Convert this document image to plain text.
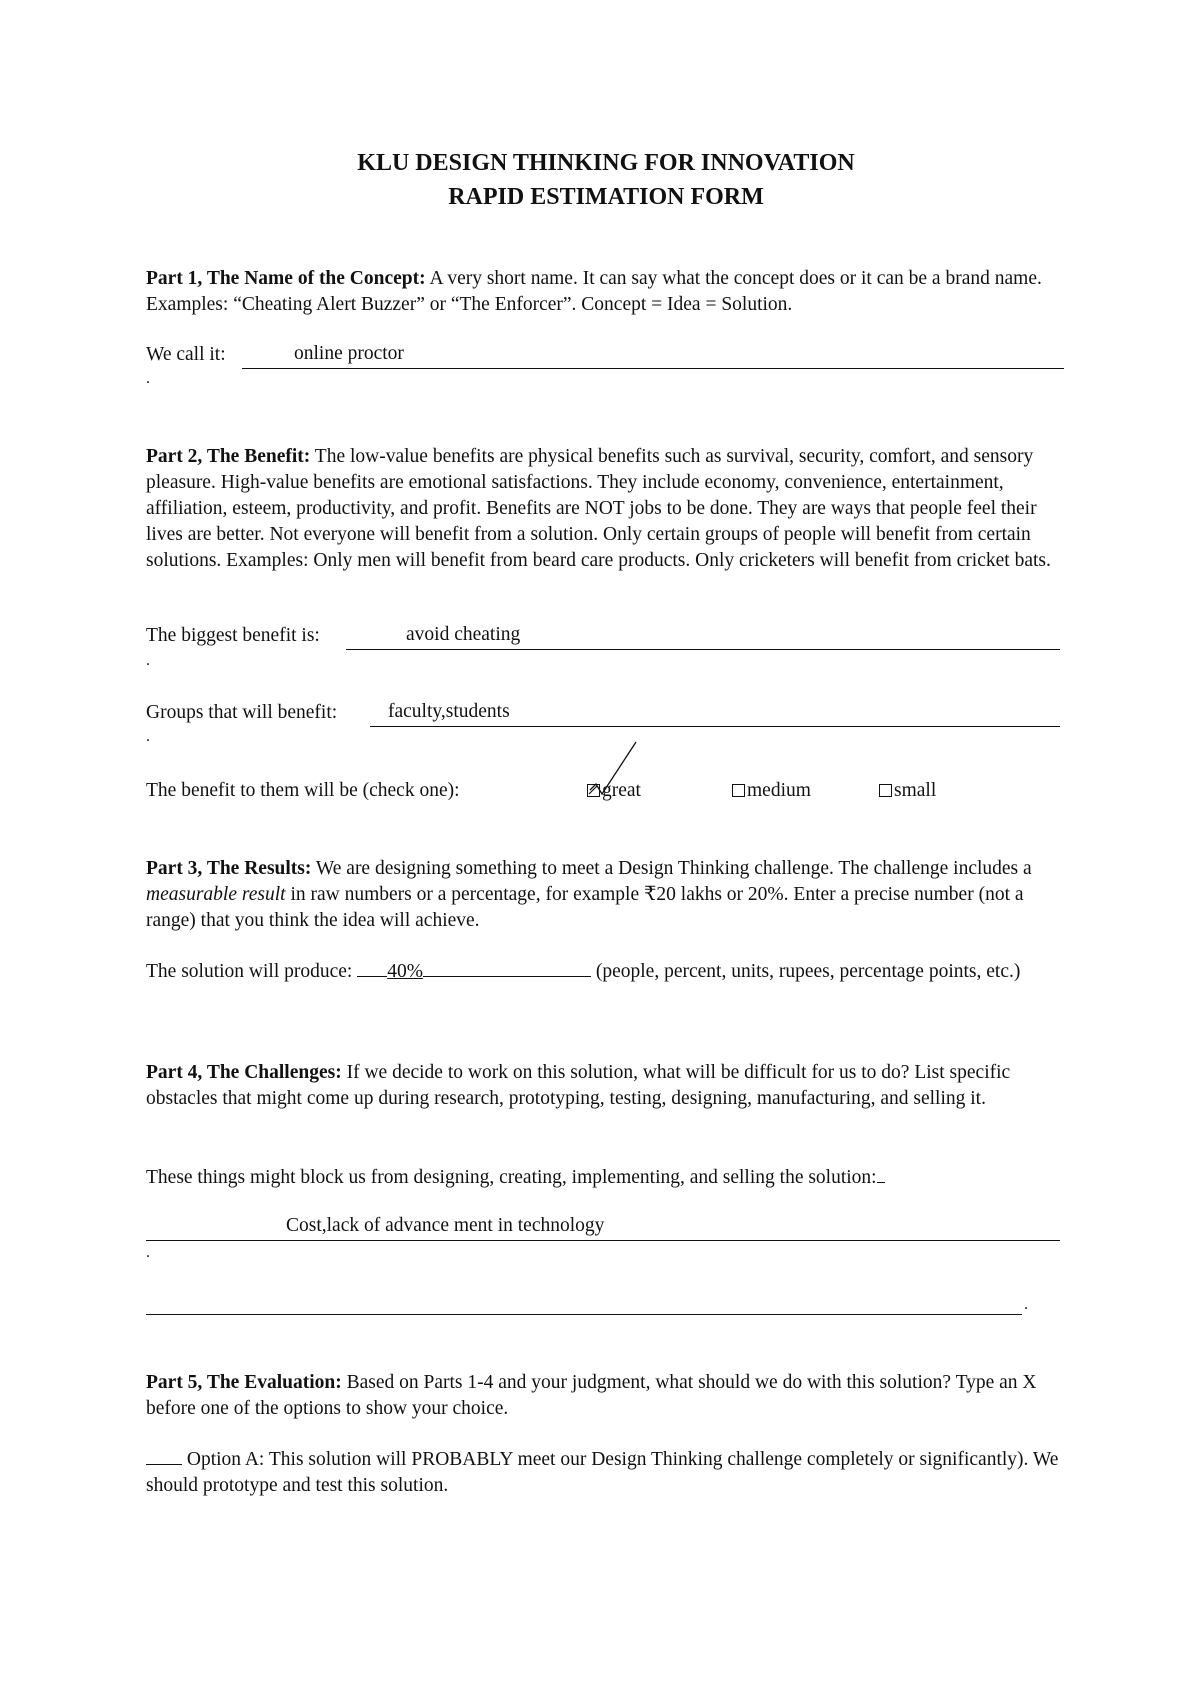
KLU DESIGN THINKING FOR INNOVATION
RAPID ESTIMATION FORM
Part 1, The Name of the Concept: A very short name. It can say what the concept does or it can be a brand name. Examples: “Cheating Alert Buzzer” or “The Enforcer”. Concept = Idea = Solution.
We call it:	online proctor
.
Part 2, The Benefit: The low-value benefits are physical benefits such as survival, security, comfort, and sensory pleasure. High-value benefits are emotional satisfactions. They include economy, convenience, entertainment, affiliation, esteem, productivity, and profit. Benefits are NOT jobs to be done. They are ways that people feel their lives are better. Not everyone will benefit from a solution. Only certain groups of people will benefit from certain solutions. Examples: Only men will benefit from beard care products. Only cricketers will benefit from cricket bats.
The biggest benefit is:	avoid cheating
.
Groups that will benefit:	faculty,students
.
The benefit to them will be (check one):	great	medium	small
Part 3, The Results: We are designing something to meet a Design Thinking challenge. The challenge includes a measurable result in raw numbers or a percentage, for example ₹20 lakhs or 20%. Enter a precise number (not a range) that you think the idea will achieve.
The solution will produce: 40%	(people, percent, units, rupees, percentage points, etc.)
Part 4, The Challenges: If we decide to work on this solution, what will be difficult for us to do? List specific obstacles that might come up during research, prototyping, testing, designing, manufacturing, and selling it.
These things might block us from designing, creating, implementing, and selling the solution:
Cost,lack of advance ment in technology
.
.
Part 5, The Evaluation: Based on Parts 1-4 and your judgment, what should we do with this solution? Type an X before one of the options to show your choice.
Option A: This solution will PROBABLY meet our Design Thinking challenge completely or significantly). We should prototype and test this solution.
